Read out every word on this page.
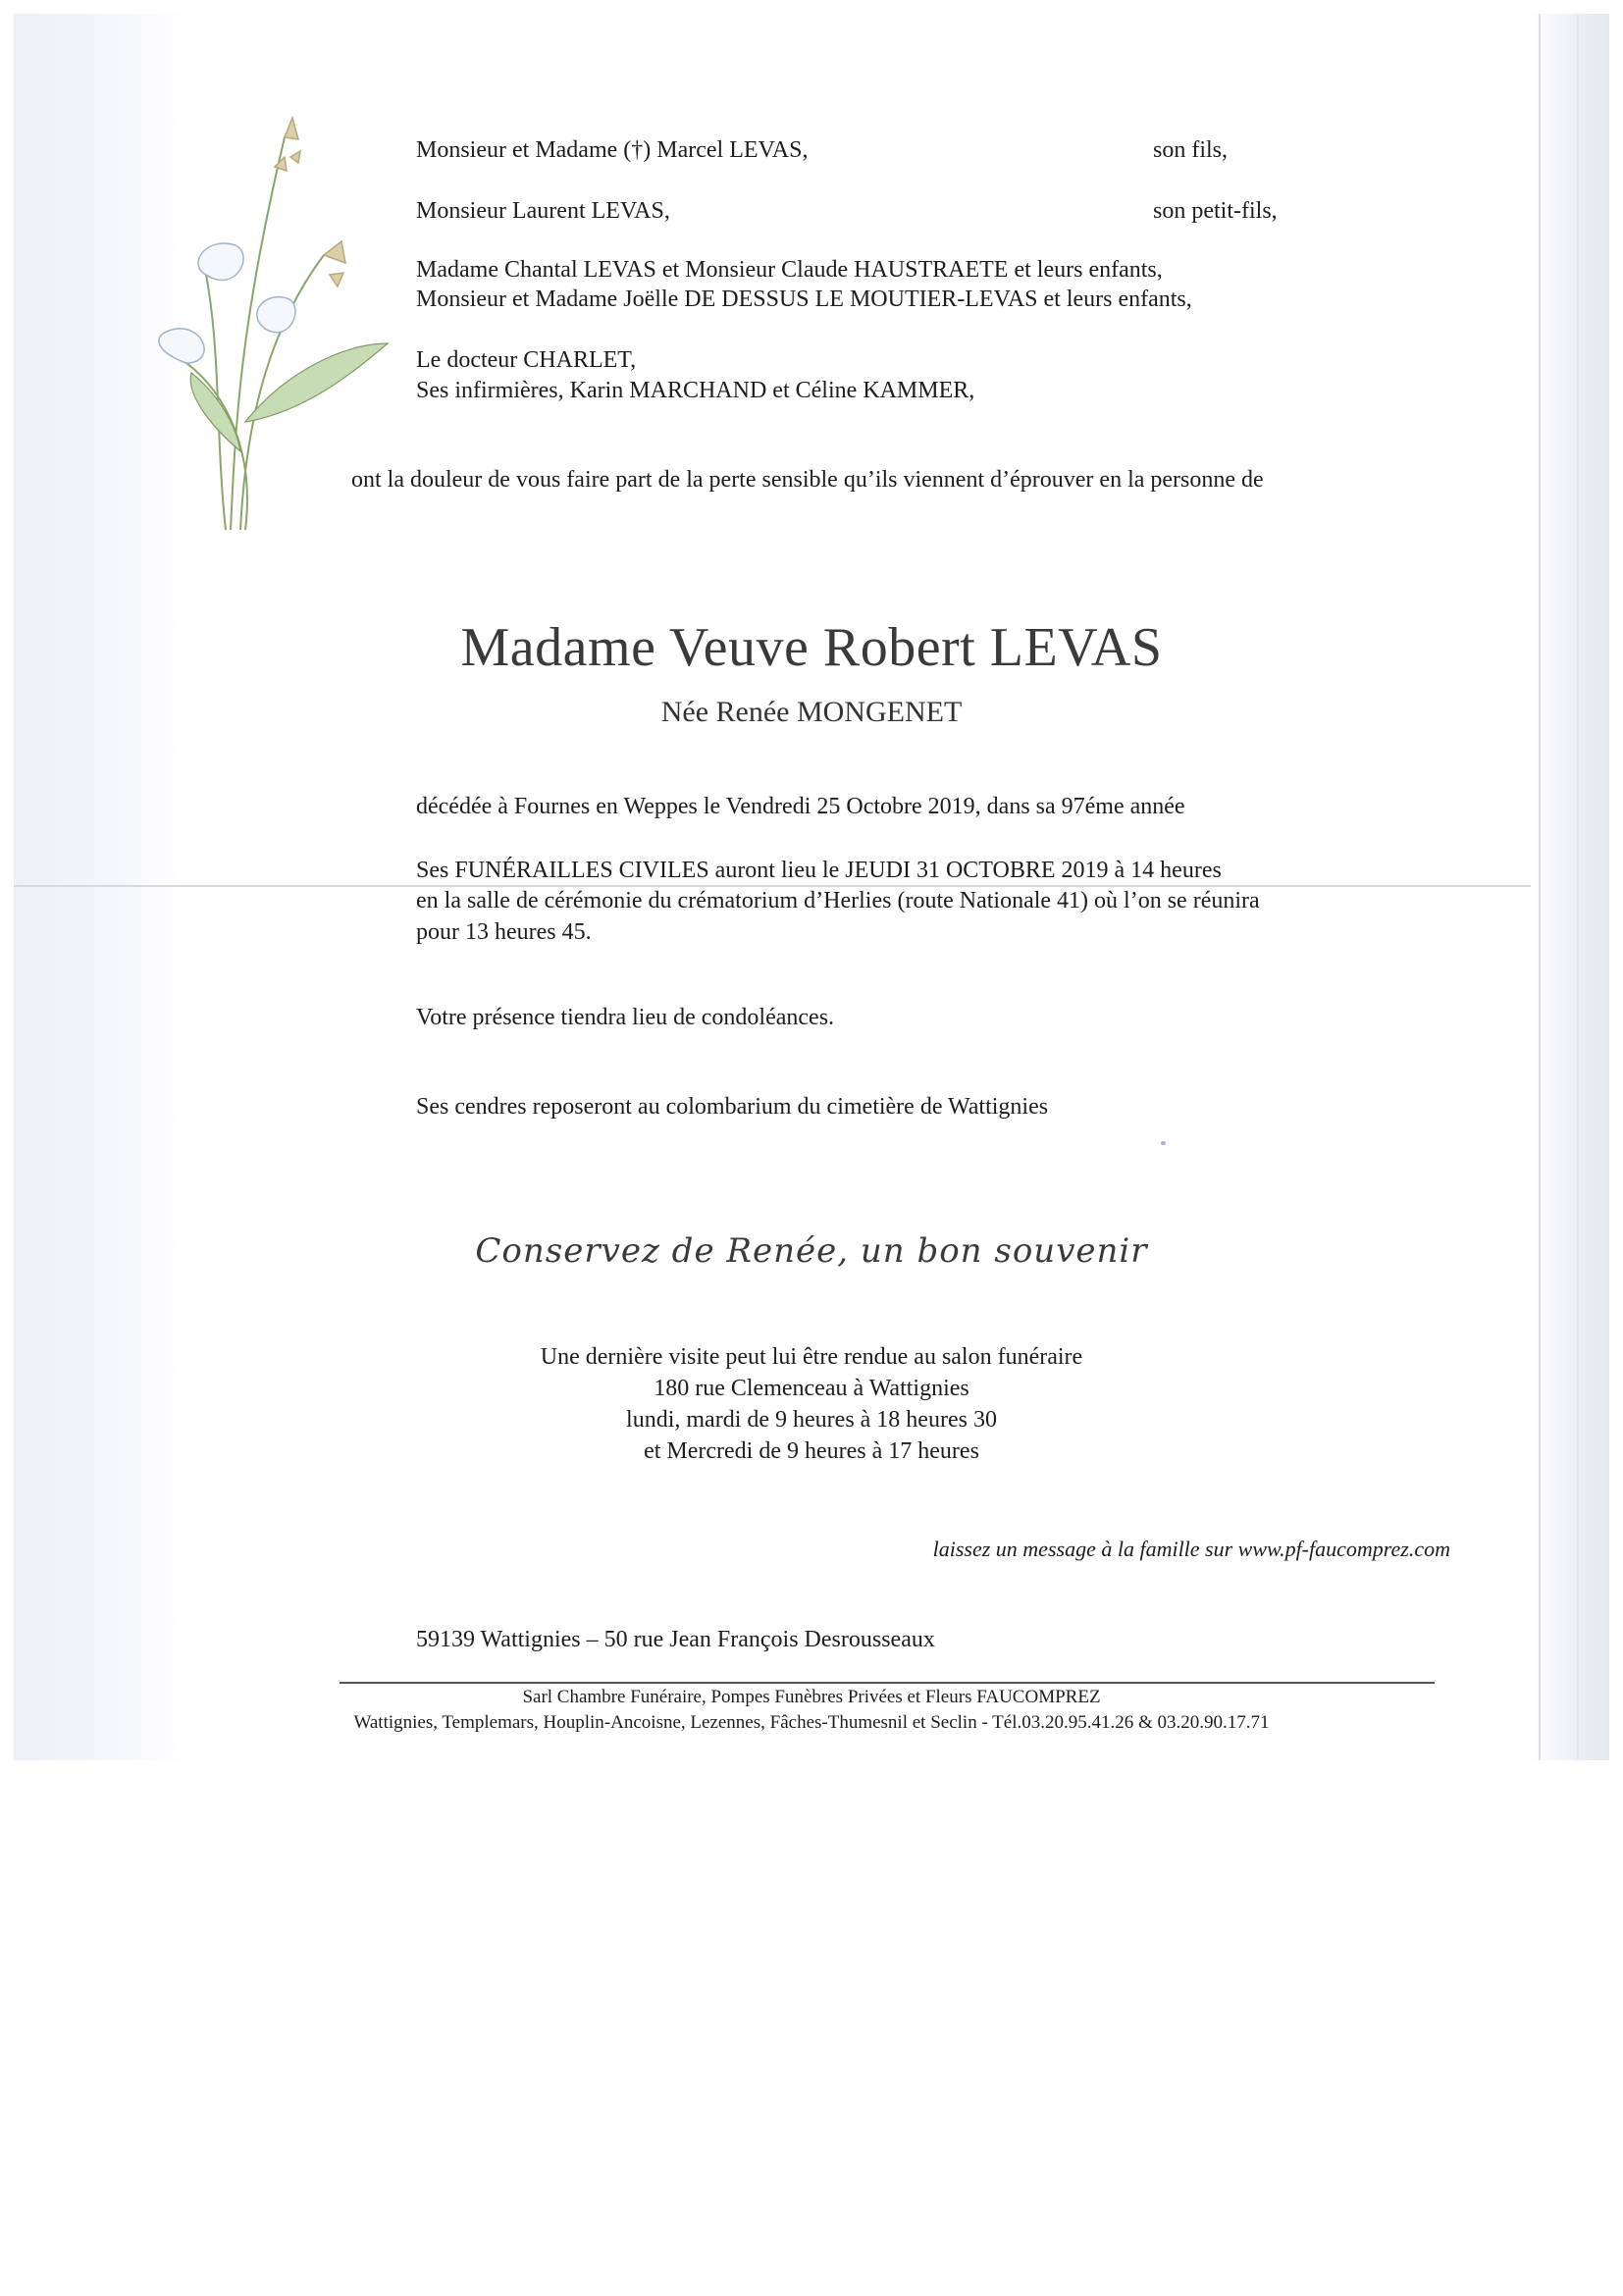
Monsieur et Madame (†) Marcel LEVAS,	son fils,
Monsieur Laurent LEVAS,	son petit-fils,
Madame Chantal LEVAS et Monsieur Claude HAUSTRAETE et leurs enfants,
Monsieur et Madame Joëlle DE DESSUS LE MOUTIER-LEVAS et leurs enfants,
Le docteur CHARLET,
Ses infirmières, Karin MARCHAND et Céline KAMMER,
ont la douleur de vous faire part de la perte sensible qu’ils viennent d’éprouver en la personne de
Madame Veuve Robert LEVAS
Née Renée MONGENET
décédée à Fournes en Weppes le Vendredi 25 Octobre 2019, dans sa 97éme année
Ses FUNÉRAILLES CIVILES auront lieu le JEUDI 31 OCTOBRE 2019 à 14 heures
en la salle de cérémonie du crématorium d’Herlies (route Nationale 41) où l’on se réunira
pour 13 heures 45.
Votre présence tiendra lieu de condoléances.
Ses cendres reposeront au colombarium du cimetière de Wattignies
Conservez de Renée, un bon souvenir
Une dernière visite peut lui être rendue au salon funéraire
180 rue Clemenceau à Wattignies
lundi, mardi de 9 heures à 18 heures 30
et Mercredi de 9 heures à 17 heures
laissez un message à la famille sur www.pf-faucomprez.com
59139 Wattignies – 50 rue Jean François Desrousseaux
Sarl Chambre Funéraire, Pompes Funèbres Privées et Fleurs FAUCOMPREZ
Wattignies, Templemars, Houplin-Ancoisne, Lezennes, Fâches-Thumesnil et Seclin - Tél.03.20.95.41.26 & 03.20.90.17.71
